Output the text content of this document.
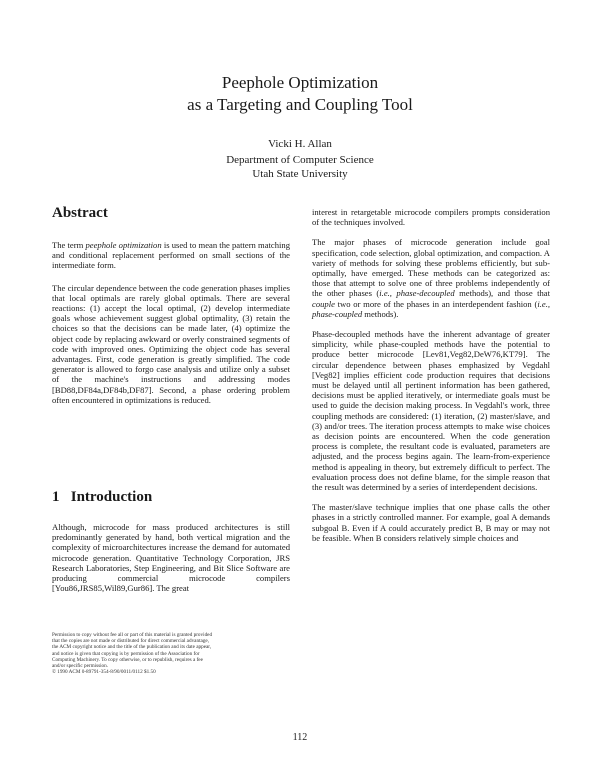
Peephole Optimization
as a Targeting and Coupling Tool
Vicki H. Allan
Department of Computer Science
Utah State University
Abstract

The term peephole optimization is used to mean the pattern matching and conditional replacement performed on small sections of the intermediate form.

The circular dependence between the code generation phases implies that local optimals are rarely global optimals. There are several reactions: (1) accept the local optimal, (2) develop intermediate goals whose achievement suggest global optimality, (3) retain the choices so that the decisions can be made later, (4) optimize the object code by replacing awkward or overly constrained segments of code with improved ones. Optimizing the object code has several advantages. First, code generation is greatly simplified. The code generator is allowed to forgo case analysis and utilize only a subset of the machine's instructions and addressing modes [BD88,DF84a,DF84b,DF87]. Second, a phase ordering problem often encountered in optimizations is reduced.

1 Introduction

Although, microcode for mass produced architectures is still predominantly generated by hand, both vertical migration and the complexity of microarchitectures increase the demand for automated microcode generation. Quantitative Technology Corporation, JRS Research Laboratories, Step Engineering, and Bit Slice Software are producing commercial microcode compilers [You86,JRS85,Wil89,Gur86]. The great

Permission to copy without fee all or part of this material is granted provided
that the copies are not made or distributed for direct commercial advantage,
the ACM copyright notice and the title of the publication and its date appear,
and notice is given that copying is by permission of the Association for
Computing Machinery. To copy otherwise, or to republish, requires a fee
and/or specific permission.
© 1990 ACM 0-89791-354-8/90/0011/0112 $1.50

interest in retargetable microcode compilers prompts consideration of the techniques involved.

The major phases of microcode generation include goal specification, code selection, global optimization, and compaction. A variety of methods for solving these problems efficiently, but sub-optimally, have emerged. These methods can be categorized as: those that attempt to solve one of three problems independently of the other phases (i.e., phase-decoupled methods), and those that couple two or more of the phases in an interdependent fashion (i.e., phase-coupled methods).

Phase-decoupled methods have the inherent advantage of greater simplicity, while phase-coupled methods have the potential to produce better microcode [Lev81,Veg82,DeW76,KT79]. The circular dependence between phases emphasized by Vegdahl [Veg82] implies efficient code production requires that decisions must be delayed until all pertinent information has been gathered, decisions must be applied iteratively, or intermediate goals must be used to guide the decision making process. In Vegdahl's work, three coupling methods are considered: (1) iteration, (2) master/slave, and (3) and/or trees. The iteration process attempts to make wise choices as decision points are encountered. When the code generation process is complete, the resultant code is evaluated, parameters are adjusted, and the process begins again. The learn-from-experience method is appealing in theory, but extremely difficult to perfect. The evaluation process does not define blame, for the simple reason that the result was determined by a series of interdependent decisions.

The master/slave technique implies that one phase calls the other phases in a strictly controlled manner. For example, goal A demands subgoal B. Even if A could accurately predict B, B may or may not be feasible. When B considers relatively simple choices and

112
